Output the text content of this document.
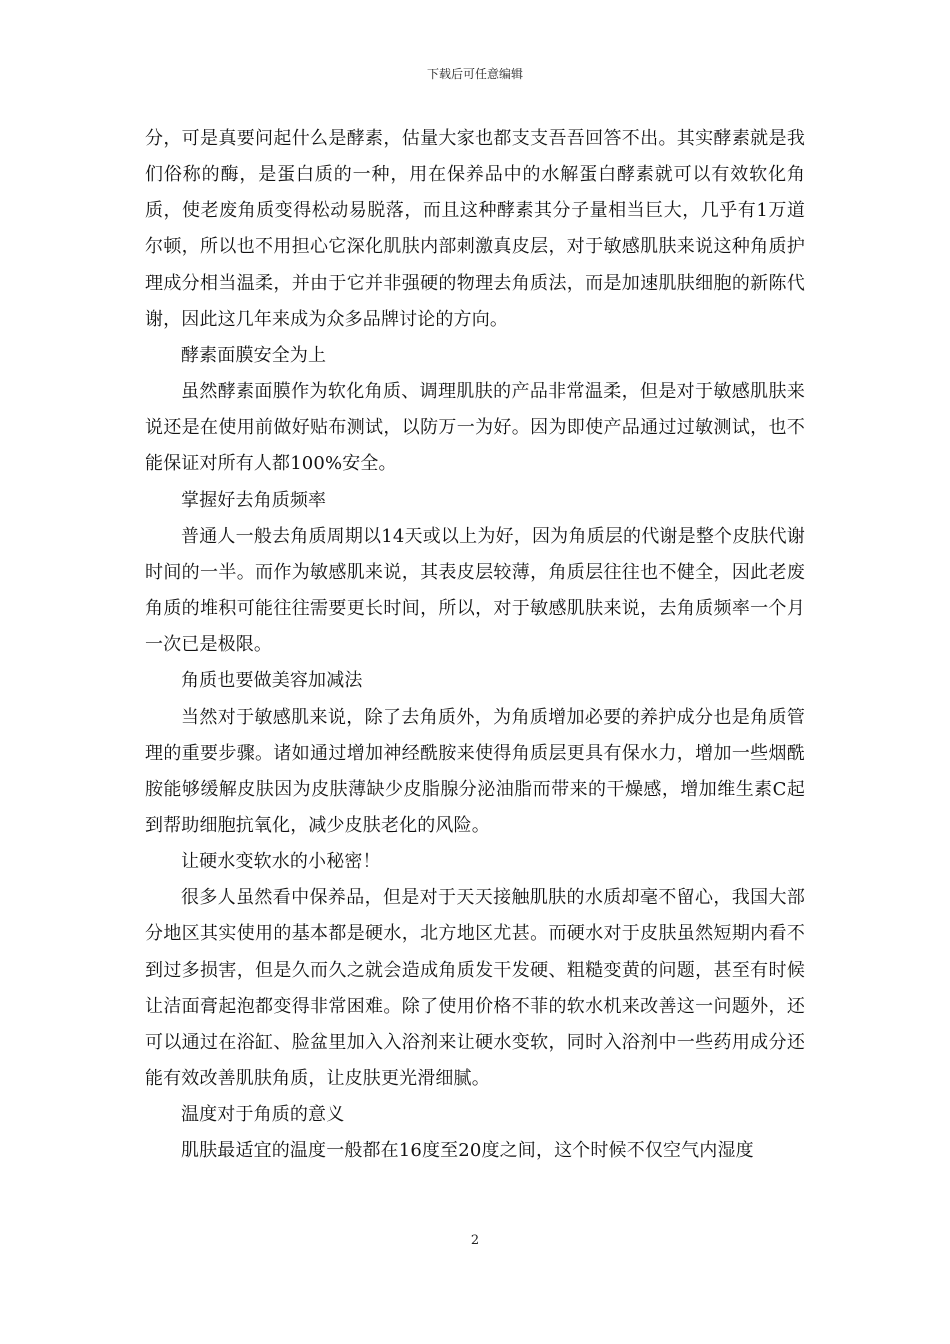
下载后可任意编辑

分，可是真要问起什么是酵素，估量大家也都支支吾吾回答不出。其实酵素就是我们俗称的酶，是蛋白质的一种，用在保养品中的水解蛋白酵素就可以有效软化角质，使老废角质变得松动易脱落，而且这种酵素其分子量相当巨大，几乎有1万道尔顿，所以也不用担心它深化肌肤内部刺激真皮层，对于敏感肌肤来说这种角质护理成分相当温柔，并由于它并非强硬的物理去角质法，而是加速肌肤细胞的新陈代谢，因此这几年来成为众多品牌讨论的方向。

酵素面膜安全为上

虽然酵素面膜作为软化角质、调理肌肤的产品非常温柔，但是对于敏感肌肤来说还是在使用前做好贴布测试，以防万一为好。因为即使产品通过过敏测试，也不能保证对所有人都100%安全。

掌握好去角质频率

普通人一般去角质周期以14天或以上为好，因为角质层的代谢是整个皮肤代谢时间的一半。而作为敏感肌来说，其表皮层较薄，角质层往往也不健全，因此老废角质的堆积可能往往需要更长时间，所以，对于敏感肌肤来说，去角质频率一个月一次已是极限。

角质也要做美容加减法

当然对于敏感肌来说，除了去角质外，为角质增加必要的养护成分也是角质管理的重要步骤。诸如通过增加神经酰胺来使得角质层更具有保水力，增加一些烟酰胺能够缓解皮肤因为皮肤薄缺少皮脂腺分泌油脂而带来的干燥感，增加维生素C起到帮助细胞抗氧化，减少皮肤老化的风险。

让硬水变软水的小秘密！

很多人虽然看中保养品，但是对于天天接触肌肤的水质却毫不留心，我国大部分地区其实使用的基本都是硬水，北方地区尤甚。而硬水对于皮肤虽然短期内看不到过多损害，但是久而久之就会造成角质发干发硬、粗糙变黄的问题，甚至有时候让洁面膏起泡都变得非常困难。除了使用价格不菲的软水机来改善这一问题外，还可以通过在浴缸、脸盆里加入入浴剂来让硬水变软，同时入浴剂中一些药用成分还能有效改善肌肤角质，让皮肤更光滑细腻。

温度对于角质的意义

肌肤最适宜的温度一般都在16度至20度之间，这个时候不仅空气内湿度

2
